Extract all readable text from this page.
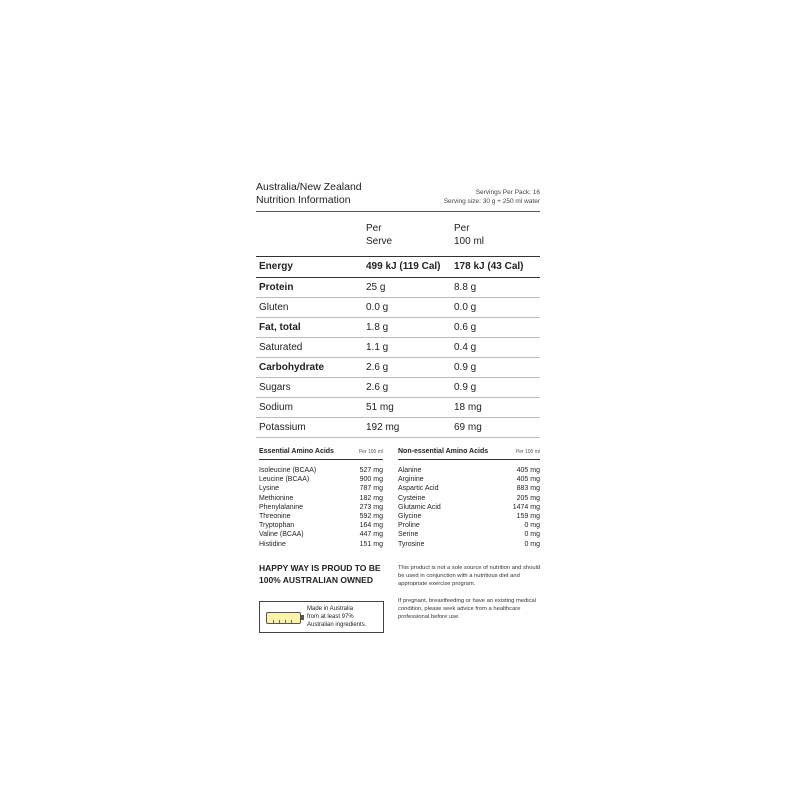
Australia/New Zealand
Nutrition Information
Servings Per Pack: 16
Serving size: 30 g + 250 ml water
Per
Serve
Per
100 ml
Energy	499 kJ (119 Cal) 178 kJ (43 Cal)
Protein	25 g	8.8 g
Gluten	0.0 g	0.0 g
Fat, total	1.8 g	0.6 g
Saturated	1.1 g	0.4 g
Carbohydrate	2.6 g	0.9 g
Sugars	2.6 g	0.9 g
Sodium	51 mg	18 mg
Potassium	192 mg	69 mg
Essential Amino Acids	Per 100 ml
Isoleucine (BCAA)	527 mg
Leucine (BCAA)	900 mg
Lysine	787 mg
Methionine	182 mg
Phenylalanine	273 mg
Threonine	592 mg
Tryptophan	164 mg
Valine (BCAA)	447 mg
Histidine	151 mg
Non-essential Amino Acids	Per 100 ml
Alanine	405 mg
Arginine	405 mg
Aspartic Acid	883 mg
Cysteine	205 mg
Glutamic Acid	1474 mg
Glycine	159 mg
Proline	0 mg
Serine	0 mg
Tyrosine	0 mg
HAPPY WAY IS PROUD TO BE
100% AUSTRALIAN OWNED
Made in Australia
from at least 97%
Australian ingredients.

This product is not a sole source of nutrition and should be used in conjunction with a nutritious diet and appropriate exercise program.

If pregnant, breastfeeding or have an existing medical condition, please seek advice from a healthcare professional before use.
